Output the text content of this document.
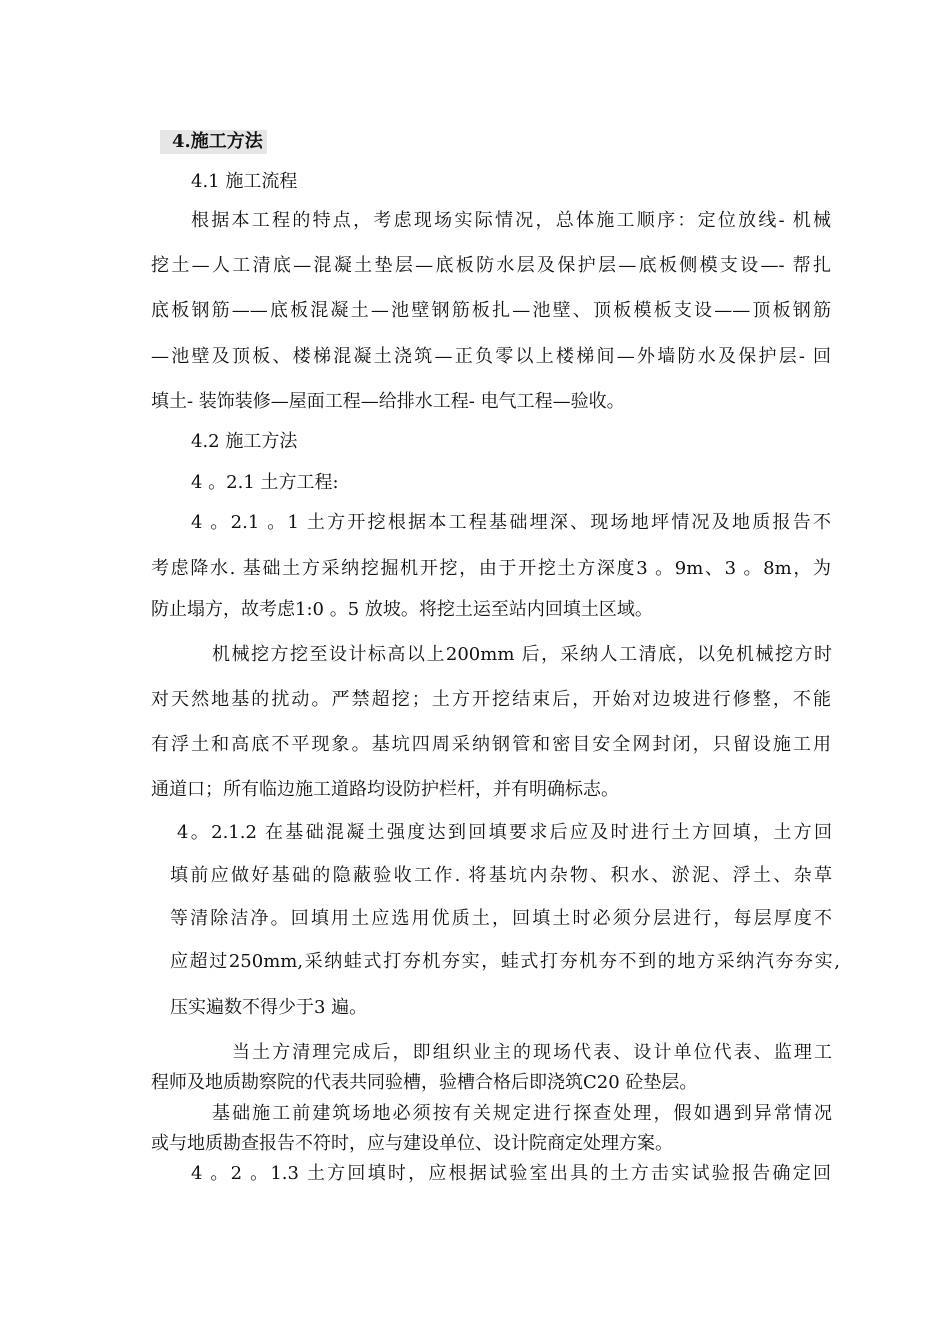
4.施工方法
4.1 施工流程
根据本工程的特点，考虑现场实际情况，总体施工顺序：定位放线- 机械
挖土—人工清底—混凝土垫层—底板防水层及保护层—底板侧模支设—- 帮扎
底板钢筋——底板混凝土—池壁钢筋板扎—池壁、顶板模板支设——顶板钢筋
—池壁及顶板、楼梯混凝土浇筑—正负零以上楼梯间—外墙防水及保护层- 回
填土- 装饰装修—屋面工程—给排水工程- 电气工程—验收。
4.2 施工方法
4 。2.1 土方工程:
4 。2.1 。1 土方开挖根据本工程基础埋深、现场地坪情况及地质报告不
考虑降水. 基础土方采纳挖掘机开挖，由于开挖土方深度3 。9m、3 。8m，为
防止塌方，故考虑1:0 。5 放坡。将挖土运至站内回填土区域。
机械挖方挖至设计标高以上200mm 后，采纳人工清底，以免机械挖方时
对天然地基的扰动。严禁超挖；土方开挖结束后，开始对边坡进行修整，不能
有浮土和高底不平现象。基坑四周采纳钢管和密目安全网封闭，只留设施工用
通道口；所有临边施工道路均设防护栏杆，并有明确标志。
4。2.1.2 在基础混凝土强度达到回填要求后应及时进行土方回填，土方回
填前应做好基础的隐蔽验收工作. 将基坑内杂物、积水、淤泥、浮土、杂草
等清除洁净。回填用土应选用优质土，回填土时必须分层进行，每层厚度不
应超过250mm,采纳蛙式打夯机夯实，蛙式打夯机夯不到的地方采纳汽夯夯实,
压实遍数不得少于3 遍。
当土方清理完成后，即组织业主的现场代表、设计单位代表、监理工
程师及地质勘察院的代表共同验槽，验槽合格后即浇筑C20 砼垫层。
基础施工前建筑场地必须按有关规定进行探查处理，假如遇到异常情况
或与地质勘查报告不符时，应与建设单位、设计院商定处理方案。
4 。2 。1.3 土方回填时，应根据试验室出具的土方击实试验报告确定回
